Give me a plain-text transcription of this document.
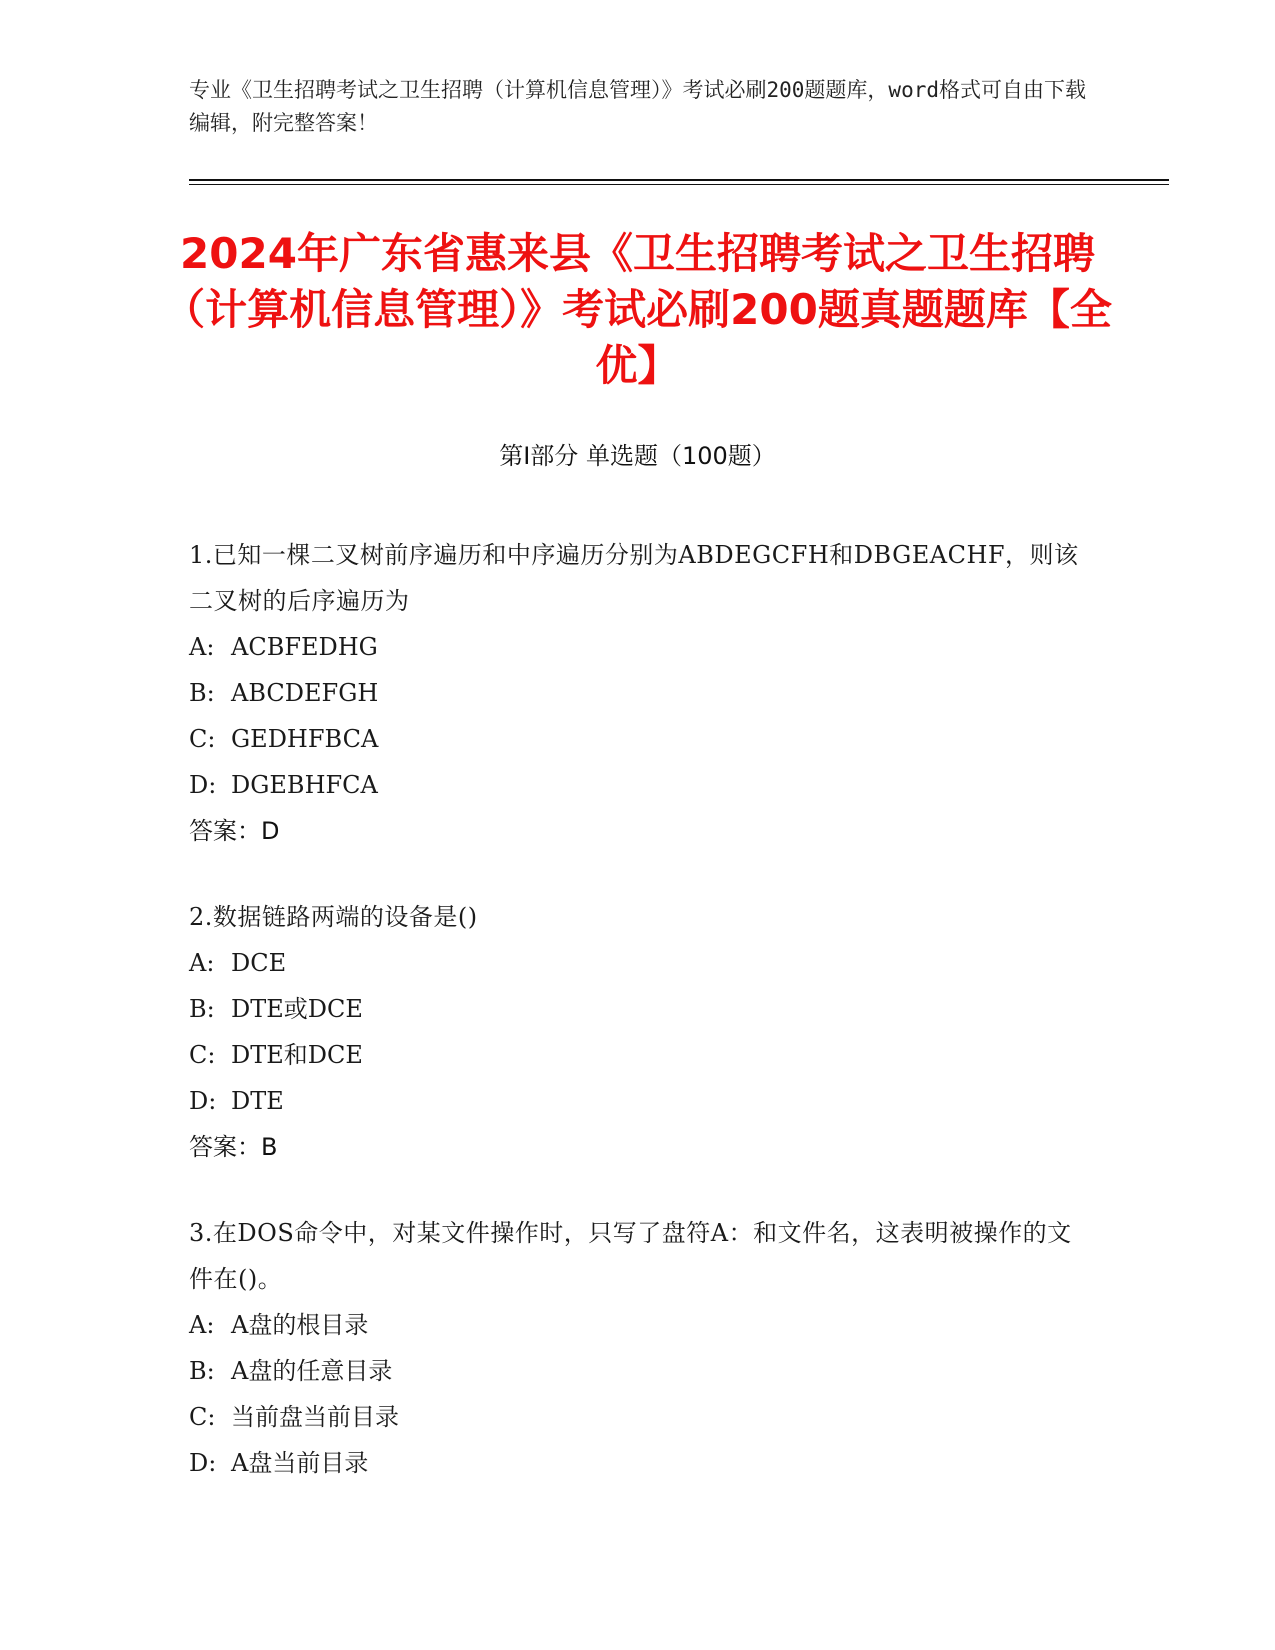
专业《卫生招聘考试之卫生招聘（计算机信息管理）》考试必刷200题题库，word格式可自由下载编辑，附完整答案！
2024年广东省惠来县《卫生招聘考试之卫生招聘（计算机信息管理）》考试必刷200题真题题库【全优】
第Ⅰ部分 单选题（100题）

1.已知一棵二叉树前序遍历和中序遍历分别为ABDEGCFH和DBGEACHF，则该二叉树的后序遍历为

A: ACBFEDHG

B: ABCDEFGH

C: GEDHFBCA

D: DGEBHFCA

答案：D

2.数据链路两端的设备是()

A: DCE

B: DTE或DCE

C: DTE和DCE

D: DTE

答案：B

3.在DOS命令中，对某文件操作时，只写了盘符A：和文件名，这表明被操作的文件在()。

A: A盘的根目录

B: A盘的任意目录

C: 当前盘当前目录

D: A盘当前目录
